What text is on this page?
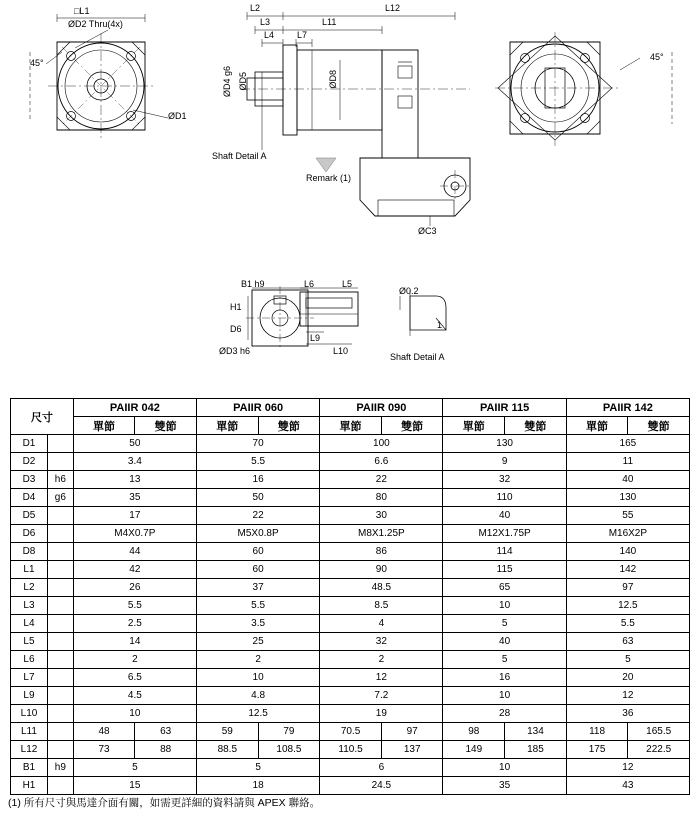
□L1
ØD2 Thru(4x)
45°
ØD1
L2
L3
L4	L7
L11
L12
ØD4 g6 ØD5	ØD8
Shaft Detail A
Remark (1)
ØC3
B1 h9
H1
D6
ØD3 h6
L6	L5
L9
L10
Ø0.2
1
Shaft Detail A
45°
尺寸		PAIIR 042		PAIIR 060		PAIIR 090		PAIIR 115		PAIIR 142	
		單節	雙節	單節	雙節	單節	雙節	單節	雙節	單節	雙節
D1		50		70		100		130		165	
D2		3.4		5.5		6.6		9		11	
D3	h6	13		16		22		32		40	
D4	g6	35		50		80		110		130	
D5		17		22		30		40		55	
D6		M4X0.7P		M5X0.8P		M8X1.25P		M12X1.75P		M16X2P	
D8		44		60		86		114		140	
L1		42		60		90		115		142	
L2		26		37		48.5		65		97	
L3		5.5		5.5		8.5		10		12.5	
L4		2.5		3.5		4		5		5.5	
L5		14		25		32		40		63	
L6		2		2		2		5		5	
L7		6.5		10		12		16		20	
L9		4.5		4.8		7.2		10		12	
L10		10		12.5		19		28		36	
L11		48	63	59	79	70.5	97	98	134	118	165.5
L12		73	88	88.5	108.5	110.5	137	149	185	175	222.5
B1	h9	5		5		6		10		12	
H1		15		18		24.5		35		43	
(1) 所有尺寸與馬達介面有關，如需更詳細的資料請與 APEX 聯絡。
